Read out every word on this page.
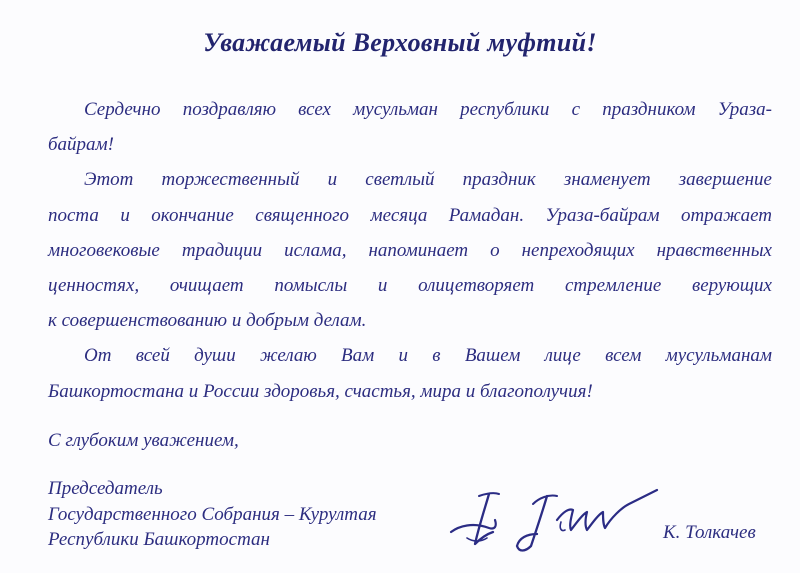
Уважаемый Верховный муфтий!
Сердечно поздравляю всех мусульман республики с праздником Ураза-
байрам!
Этот торжественный и светлый праздник знаменует завершение
поста и окончание священного месяца Рамадан. Ураза-байрам отражает
многовековые традиции ислама, напоминает о непреходящих нравственных
ценностях, очищает помыслы и олицетворяет стремление верующих
к совершенствованию и добрым делам.
От всей души желаю Вам и в Вашем лице всем мусульманам
Башкортостана и России здоровья, счастья, мира и благополучия!
С глубоким уважением,
Председатель
Государственного Собрания – Курултая
Республики Башкортостан	К. Толкачев
